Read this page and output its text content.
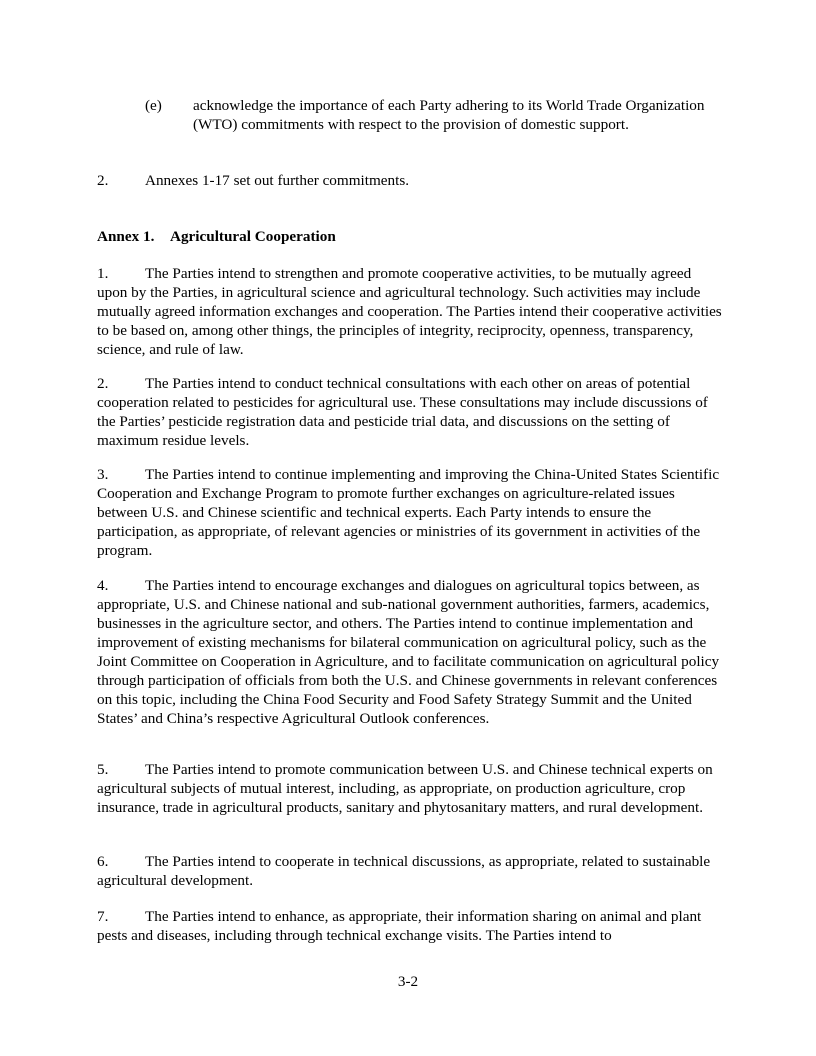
(e)	acknowledge the importance of each Party adhering to its World Trade Organization (WTO) commitments with respect to the provision of domestic support.

2. Annexes 1-17 set out further commitments.

Annex 1. Agricultural Cooperation

1. The Parties intend to strengthen and promote cooperative activities, to be mutually agreed upon by the Parties, in agricultural science and agricultural technology. Such activities may include mutually agreed information exchanges and cooperation. The Parties intend their cooperative activities to be based on, among other things, the principles of integrity, reciprocity, openness, transparency, science, and rule of law.

2. The Parties intend to conduct technical consultations with each other on areas of potential cooperation related to pesticides for agricultural use. These consultations may include discussions of the Parties’ pesticide registration data and pesticide trial data, and discussions on the setting of maximum residue levels.

3. The Parties intend to continue implementing and improving the China-United States Scientific Cooperation and Exchange Program to promote further exchanges on agriculture-related issues between U.S. and Chinese scientific and technical experts. Each Party intends to ensure the participation, as appropriate, of relevant agencies or ministries of its government in activities of the program.

4. The Parties intend to encourage exchanges and dialogues on agricultural topics between, as appropriate, U.S. and Chinese national and sub-national government authorities, farmers, academics, businesses in the agriculture sector, and others. The Parties intend to continue implementation and improvement of existing mechanisms for bilateral communication on agricultural policy, such as the Joint Committee on Cooperation in Agriculture, and to facilitate communication on agricultural policy through participation of officials from both the U.S. and Chinese governments in relevant conferences on this topic, including the China Food Security and Food Safety Strategy Summit and the United States’ and China’s respective Agricultural Outlook conferences.

5. The Parties intend to promote communication between U.S. and Chinese technical experts on agricultural subjects of mutual interest, including, as appropriate, on production agriculture, crop insurance, trade in agricultural products, sanitary and phytosanitary matters, and rural development.

6. The Parties intend to cooperate in technical discussions, as appropriate, related to sustainable agricultural development.

7. The Parties intend to enhance, as appropriate, their information sharing on animal and plant pests and diseases, including through technical exchange visits. The Parties intend to

3-2
